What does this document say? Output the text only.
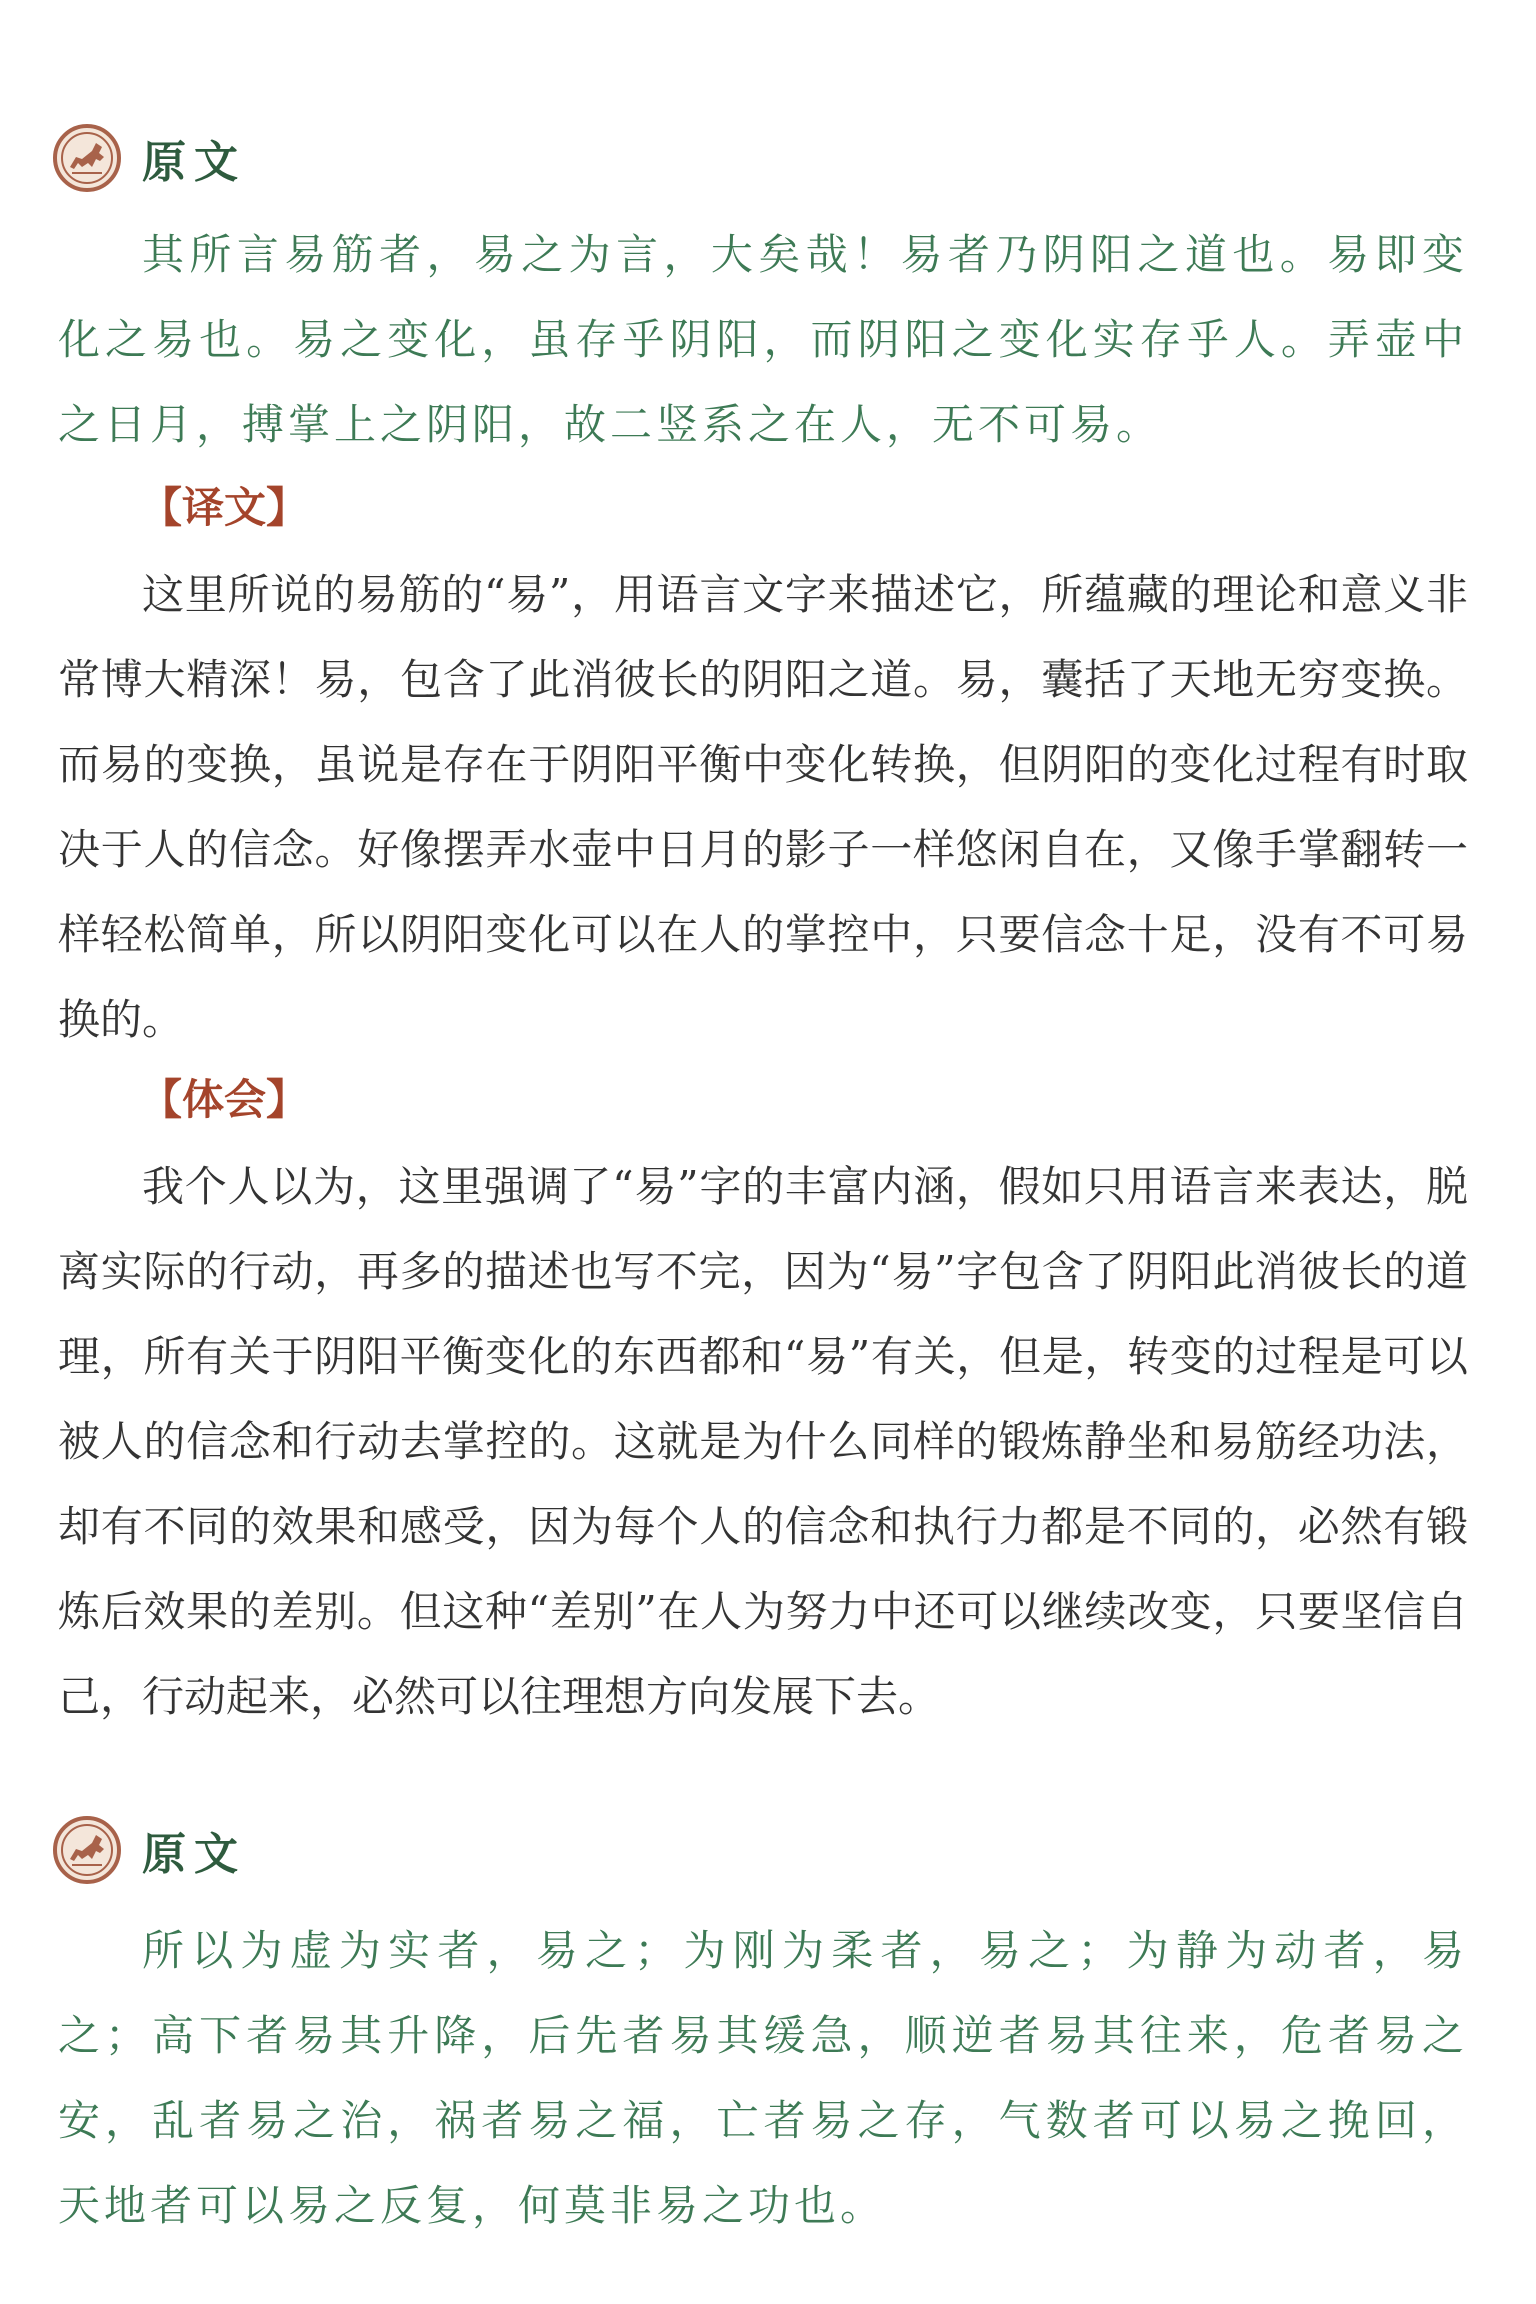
原文

其所言易筋者，易之为言，大矣哉！易者乃阴阳之道也。易即变化之易也。易之变化，虽存乎阴阳，而阴阳之变化实存乎人。弄壶中之日月，搏掌上之阴阳，故二竖系之在人，无不可易。

【译文】

这里所说的易筋的“易”，用语言文字来描述它，所蕴藏的理论和意义非常博大精深！易，包含了此消彼长的阴阳之道。易，囊括了天地无穷变换。而易的变换，虽说是存在于阴阳平衡中变化转换，但阴阳的变化过程有时取决于人的信念。好像摆弄水壶中日月的影子一样悠闲自在，又像手掌翻转一样轻松简单，所以阴阳变化可以在人的掌控中，只要信念十足，没有不可易换的。

【体会】

我个人以为，这里强调了“易”字的丰富内涵，假如只用语言来表达，脱离实际的行动，再多的描述也写不完，因为“易”字包含了阴阳此消彼长的道理，所有关于阴阳平衡变化的东西都和“易”有关，但是，转变的过程是可以被人的信念和行动去掌控的。这就是为什么同样的锻炼静坐和易筋经功法，却有不同的效果和感受，因为每个人的信念和执行力都是不同的，必然有锻炼后效果的差别。但这种“差别”在人为努力中还可以继续改变，只要坚信自己，行动起来，必然可以往理想方向发展下去。

原文

所以为虚为实者，易之；为刚为柔者，易之；为静为动者，易之；高下者易其升降，后先者易其缓急，顺逆者易其往来，危者易之安，乱者易之治，祸者易之福，亡者易之存，气数者可以易之挽回，天地者可以易之反复，何莫非易之功也。
